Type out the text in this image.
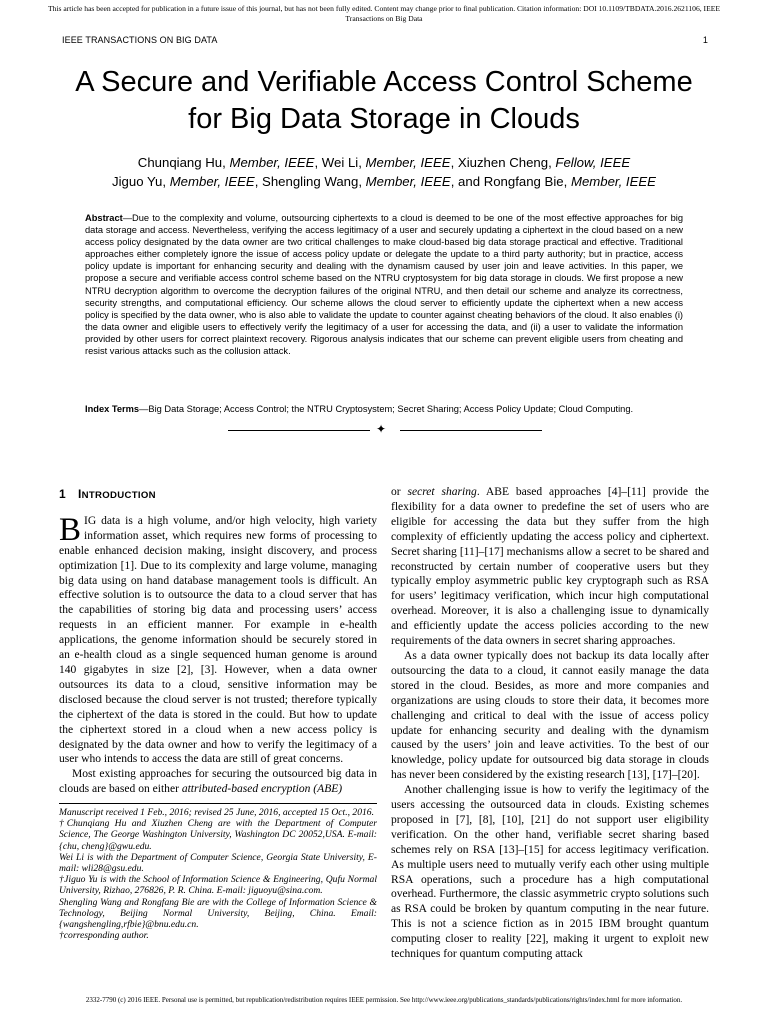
This article has been accepted for publication in a future issue of this journal, but has not been fully edited. Content may change prior to final publication. Citation information: DOI 10.1109/TBDATA.2016.2621106, IEEE Transactions on Big Data
IEEE TRANSACTIONS ON BIG DATA	1
A Secure and Verifiable Access Control Scheme
for Big Data Storage in Clouds
Chunqiang Hu, Member, IEEE, Wei Li, Member, IEEE, Xiuzhen Cheng, Fellow, IEEE
Jiguo Yu, Member, IEEE, Shengling Wang, Member, IEEE, and Rongfang Bie, Member, IEEE
Abstract—Due to the complexity and volume, outsourcing ciphertexts to a cloud is deemed to be one of the most effective approaches for big data storage and access. Nevertheless, verifying the access legitimacy of a user and securely updating a ciphertext in the cloud based on a new access policy designated by the data owner are two critical challenges to make cloud-based big data storage practical and effective. Traditional approaches either completely ignore the issue of access policy update or delegate the update to a third party authority; but in practice, access policy update is important for enhancing security and dealing with the dynamism caused by user join and leave activities. In this paper, we propose a secure and verifiable access control scheme based on the NTRU cryptosystem for big data storage in clouds. We first propose a new NTRU decryption algorithm to overcome the decryption failures of the original NTRU, and then detail our scheme and analyze its correctness, security strengths, and computational efficiency. Our scheme allows the cloud server to efficiently update the ciphertext when a new access policy is specified by the data owner, who is also able to validate the update to counter against cheating behaviors of the cloud. It also enables (i) the data owner and eligible users to effectively verify the legitimacy of a user for accessing the data, and (ii) a user to validate the information provided by other users for correct plaintext recovery. Rigorous analysis indicates that our scheme can prevent eligible users from cheating and resist various attacks such as the collusion attack.
Index Terms—Big Data Storage; Access Control; the NTRU Cryptosystem; Secret Sharing; Access Policy Update; Cloud Computing.
✦
1 INTRODUCTION

BIG data is a high volume, and/or high velocity, high variety information asset, which requires new forms of processing to enable enhanced decision making, insight discovery, and process optimization [1]. Due to its complexity and large volume, managing big data using on hand database management tools is difficult. An effective solution is to outsource the data to a cloud server that has the capabilities of storing big data and processing users’ access requests in an efficient manner. For example in e-health applications, the genome information should be securely stored in an e-health cloud as a single sequenced human genome is around 140 gigabytes in size [2], [3]. However, when a data owner outsources its data to a cloud, sensitive information may be disclosed because the cloud server is not trusted; therefore typically the ciphertext of the data is stored in the could. But how to update the ciphertext stored in a cloud when a new access policy is designated by the data owner and how to verify the legitimacy of a user who intends to access the data are still of great concerns.

Most existing approaches for securing the outsourced big data in clouds are based on either attributed-based encryption (ABE)

Manuscript received 1 Feb., 2016; revised 25 June, 2016, accepted 15 Oct., 2016.

†Chunqiang Hu and Xiuzhen Cheng are with the Department of Computer Science, The George Washington University, Washington DC 20052,USA. E-mail: {chu, cheng}@gwu.edu.

Wei Li is with the Department of Computer Science, Georgia State University, E-mail: wli28@gsu.edu.

†Jiguo Yu is with the School of Information Science & Engineering, Qufu Normal University, Rizhao, 276826, P. R. China. E-mail: jiguoyu@sina.com.

Shengling Wang and Rongfang Bie are with the College of Information Science & Technology, Beijing Normal University, Beijing, China. Email: {wangshengling,rfbie}@bnu.edu.cn.

†corresponding author.

or secret sharing. ABE based approaches [4]–[11] provide the flexibility for a data owner to predefine the set of users who are eligible for accessing the data but they suffer from the high complexity of efficiently updating the access policy and ciphertext. Secret sharing [11]–[17] mechanisms allow a secret to be shared and reconstructed by certain number of cooperative users but they typically employ asymmetric public key cryptograph such as RSA for users’ legitimacy verification, which incur high computational overhead. Moreover, it is also a challenging issue to dynamically and efficiently update the access policies according to the new requirements of the data owners in secret sharing approaches.

As a data owner typically does not backup its data locally after outsourcing the data to a cloud, it cannot easily manage the data stored in the cloud. Besides, as more and more companies and organizations are using clouds to store their data, it becomes more challenging and critical to deal with the issue of access policy update for enhancing security and dealing with the dynamism caused by the users’ join and leave activities. To the best of our knowledge, policy update for outsourced big data storage in clouds has never been considered by the existing research [13], [17]–[20].

Another challenging issue is how to verify the legitimacy of the users accessing the outsourced data in clouds. Existing schemes proposed in [7], [8], [10], [21] do not support user eligibility verification. On the other hand, verifiable secret sharing based schemes rely on RSA [13]–[15] for access legitimacy verification. As multiple users need to mutually verify each other using multiple RSA operations, such a procedure has a high computational overhead. Furthermore, the classic asymmetric crypto solutions such as RSA could be broken by quantum computing in the near future. This is not a science fiction as in 2015 IBM brought quantum computing closer to reality [22], making it urgent to exploit new techniques for quantum computing attack

2332-7790 (c) 2016 IEEE. Personal use is permitted, but republication/redistribution requires IEEE permission. See http://www.ieee.org/publications_standards/publications/rights/index.html for more information.
